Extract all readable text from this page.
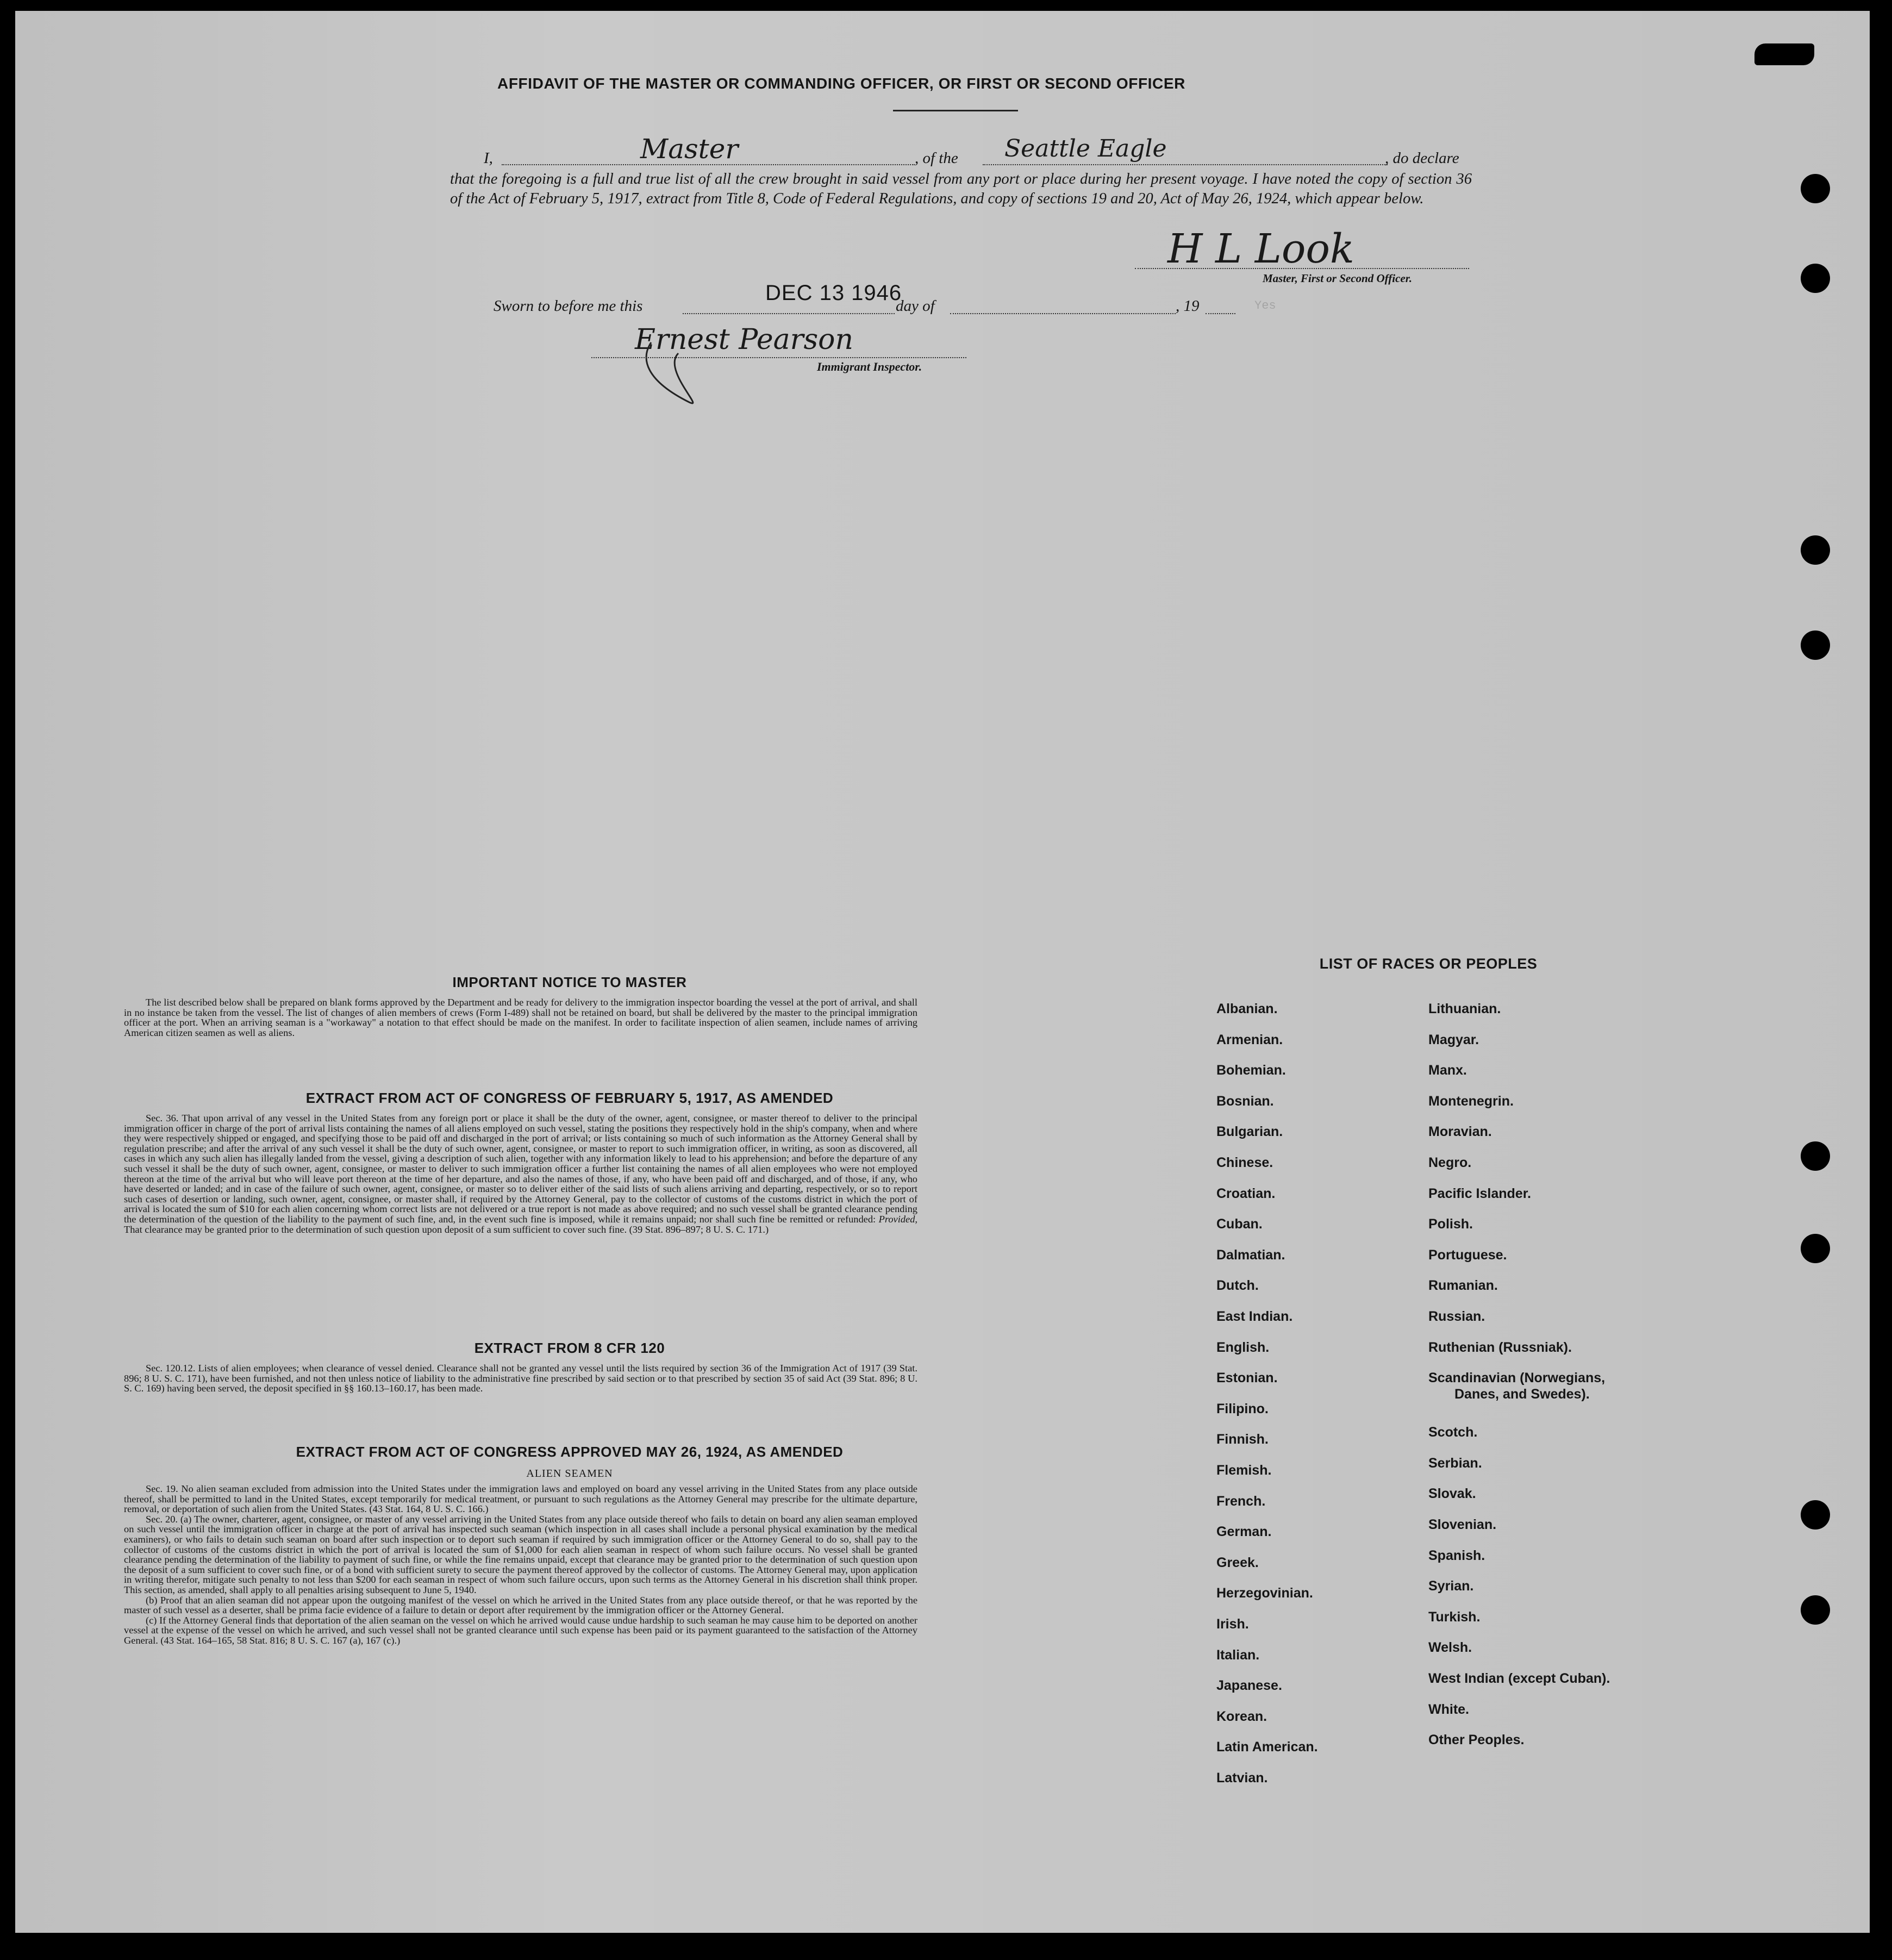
Yes
AFFIDAVIT OF THE MASTER OR COMMANDING OFFICER, OR FIRST OR SECOND OFFICER
I,	Master	, of the Seattle Eagle	, do declare
that the foregoing is a full and true list of all the crew brought in said vessel from any port or place during her present voyage. I have noted the copy of section 36 of the Act of February 5, 1917, extract from Title 8, Code of Federal Regulations, and copy of sections 19 and 20, Act of May 26, 1924, which appear below.
H L Look
Master, First or Second Officer.
Sworn to before me this
DEC 13 1946
day of	, 19
Ernest Pearson
Immigrant Inspector.
IMPORTANT NOTICE TO MASTER

The list described below shall be prepared on blank forms approved by the Department and be ready for delivery to the immigration inspector boarding the vessel at the port of arrival, and shall in no instance be taken from the vessel. The list of changes of alien members of crews (Form I-489) shall not be retained on board, but shall be delivered by the master to the principal immigration officer at the port. When an arriving seaman is a "workaway" a notation to that effect should be made on the manifest. In order to facilitate inspection of alien seamen, include names of arriving American citizen seamen as well as aliens.

EXTRACT FROM ACT OF CONGRESS OF FEBRUARY 5, 1917, AS AMENDED

Sec. 36. That upon arrival of any vessel in the United States from any foreign port or place it shall be the duty of the owner, agent, consignee, or master thereof to deliver to the principal immigration officer in charge of the port of arrival lists containing the names of all aliens employed on such vessel, stating the positions they respectively hold in the ship's company, when and where they were respectively shipped or engaged, and specifying those to be paid off and discharged in the port of arrival; or lists containing so much of such information as the Attorney General shall by regulation prescribe; and after the arrival of any such vessel it shall be the duty of such owner, agent, consignee, or master to report to such immigration officer, in writing, as soon as discovered, all cases in which any such alien has illegally landed from the vessel, giving a description of such alien, together with any information likely to lead to his apprehension; and before the departure of any such vessel it shall be the duty of such owner, agent, consignee, or master to deliver to such immigration officer a further list containing the names of all alien employees who were not employed thereon at the time of the arrival but who will leave port thereon at the time of her departure, and also the names of those, if any, who have been paid off and discharged, and of those, if any, who have deserted or landed; and in case of the failure of such owner, agent, consignee, or master so to deliver either of the said lists of such aliens arriving and departing, respectively, or so to report such cases of desertion or landing, such owner, agent, consignee, or master shall, if required by the Attorney General, pay to the collector of customs of the customs district in which the port of arrival is located the sum of $10 for each alien concerning whom correct lists are not delivered or a true report is not made as above required; and no such vessel shall be granted clearance pending the determination of the question of the liability to the payment of such fine, and, in the event such fine is imposed, while it remains unpaid; nor shall such fine be remitted or refunded: Provided, That clearance may be granted prior to the determination of such question upon deposit of a sum sufficient to cover such fine. (39 Stat. 896–897; 8 U. S. C. 171.)

EXTRACT FROM 8 CFR 120

Sec. 120.12. Lists of alien employees; when clearance of vessel denied. Clearance shall not be granted any vessel until the lists required by section 36 of the Immigration Act of 1917 (39 Stat. 896; 8 U. S. C. 171), have been furnished, and not then unless notice of liability to the administrative fine prescribed by said section or to that prescribed by section 35 of said Act (39 Stat. 896; 8 U. S. C. 169) having been served, the deposit specified in §§ 160.13–160.17, has been made.

EXTRACT FROM ACT OF CONGRESS APPROVED MAY 26, 1924, AS AMENDED
ALIEN SEAMEN

Sec. 19. No alien seaman excluded from admission into the United States under the immigration laws and employed on board any vessel arriving in the United States from any place outside thereof, shall be permitted to land in the United States, except temporarily for medical treatment, or pursuant to such regulations as the Attorney General may prescribe for the ultimate departure, removal, or deportation of such alien from the United States. (43 Stat. 164, 8 U. S. C. 166.)

Sec. 20. (a) The owner, charterer, agent, consignee, or master of any vessel arriving in the United States from any place outside thereof who fails to detain on board any alien seaman employed on such vessel until the immigration officer in charge at the port of arrival has inspected such seaman (which inspection in all cases shall include a personal physical examination by the medical examiners), or who fails to detain such seaman on board after such inspection or to deport such seaman if required by such immigration officer or the Attorney General to do so, shall pay to the collector of customs of the customs district in which the port of arrival is located the sum of $1,000 for each alien seaman in respect of whom such failure occurs. No vessel shall be granted clearance pending the determination of the liability to payment of such fine, or while the fine remains unpaid, except that clearance may be granted prior to the determination of such question upon the deposit of a sum sufficient to cover such fine, or of a bond with sufficient surety to secure the payment thereof approved by the collector of customs. The Attorney General may, upon application in writing therefor, mitigate such penalty to not less than $200 for each seaman in respect of whom such failure occurs, upon such terms as the Attorney General in his discretion shall think proper. This section, as amended, shall apply to all penalties arising subsequent to June 5, 1940.

(b) Proof that an alien seaman did not appear upon the outgoing manifest of the vessel on which he arrived in the United States from any place outside thereof, or that he was reported by the master of such vessel as a deserter, shall be prima facie evidence of a failure to detain or deport after requirement by the immigration officer or the Attorney General.

(c) If the Attorney General finds that deportation of the alien seaman on the vessel on which he arrived would cause undue hardship to such seaman he may cause him to be deported on another vessel at the expense of the vessel on which he arrived, and such vessel shall not be granted clearance until such expense has been paid or its payment guaranteed to the satisfaction of the Attorney General. (43 Stat. 164–165, 58 Stat. 816; 8 U. S. C. 167 (a), 167 (c).)

LIST OF RACES OR PEOPLES
Albanian.
Armenian.
Bohemian.
Bosnian.
Bulgarian.
Chinese.
Croatian.
Cuban.
Dalmatian.
Dutch.
East Indian.
English.
Estonian.
Filipino.
Finnish.
Flemish.
French.
German.
Greek.
Herzegovinian.
Irish.
Italian.
Japanese.
Korean.
Latin American.
Latvian.
Lithuanian.
Magyar.
Manx.
Montenegrin.
Moravian.
Negro.
Pacific Islander.
Polish.
Portuguese.
Rumanian.
Russian.
Ruthenian (Russniak).
Scandinavian (Norwegians,
Danes, and Swedes).
Scotch.
Serbian.
Slovak.
Slovenian.
Spanish.
Syrian.
Turkish.
Welsh.
West Indian (except Cuban).
White.
Other Peoples.
